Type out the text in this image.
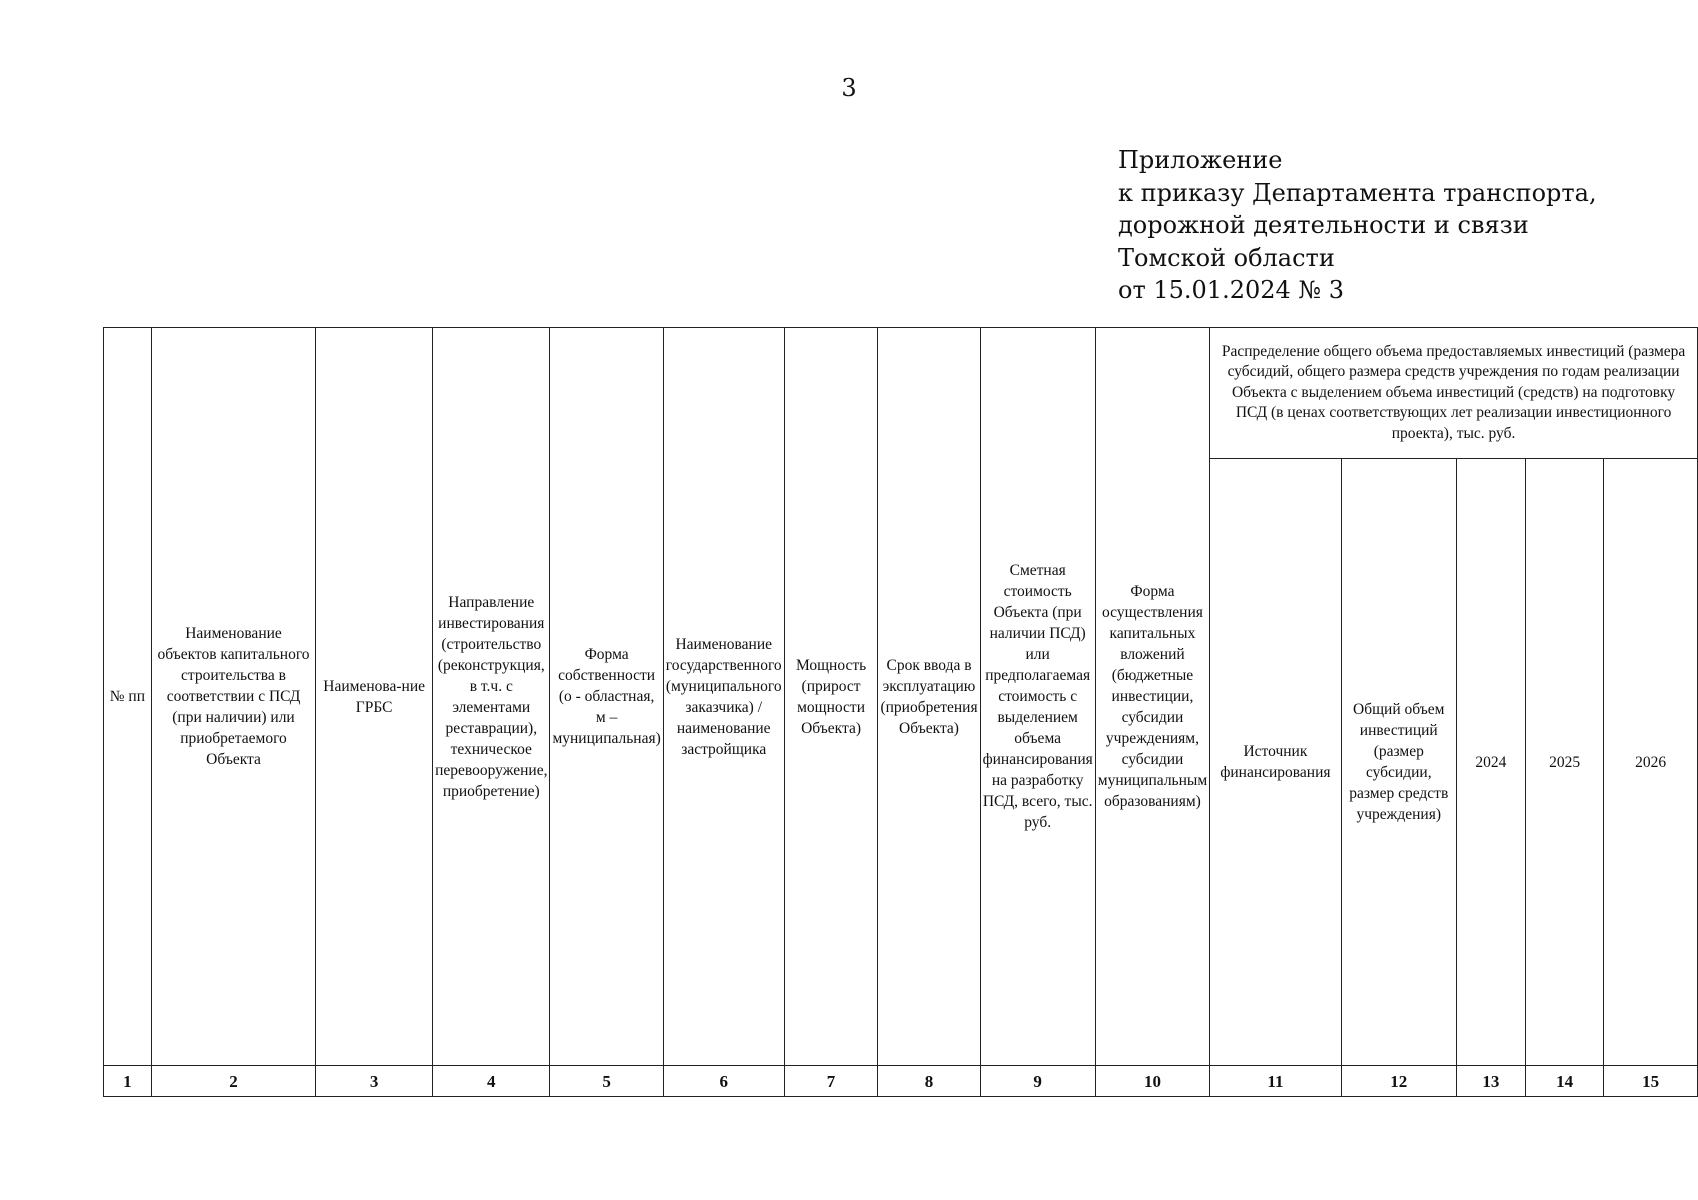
3
Приложение
к приказу Департамента транспорта,
дорожной деятельности и связи
Томской области
от 15.01.2024 № 3
№ пп	Наименование объектов капитального строительства в соответствии с ПСД (при наличии) или приобретаемого Объекта	Наименова-ние ГРБС	Направление инвестирования (строительство (реконструкция, в т.ч. с элементами реставрации), техническое перевооружение, приобретение)	Форма собственности (о - областная, м – муниципальная)	Наименование государственного (муниципального заказчика) / наименование застройщика	Мощность (прирост мощности Объекта)	Срок ввода в эксплуатацию (приобретения Объекта)	Сметная стоимость Объекта (при наличии ПСД) или предполагаемая стоимость с выделением объема финансирования на разработку ПСД, всего, тыс. руб.	Форма осуществления капитальных вложений (бюджетные инвестиции, субсидии учреждениям, субсидии муниципальным образованиям)	Распределение общего объема предоставляемых инвестиций (размера субсидий, общего размера средств учреждения по годам реализации Объекта с выделением объема инвестиций (средств) на подготовку ПСД (в ценах соответствующих лет реализации инвестиционного проекта), тыс. руб.				
										Источник финансирования	Общий объем инвестиций (размер субсидии, размер средств учреждения)	2024	2025	2026
1	2	3	4	5	6	7	8	9	10	11	12	13	14	15
